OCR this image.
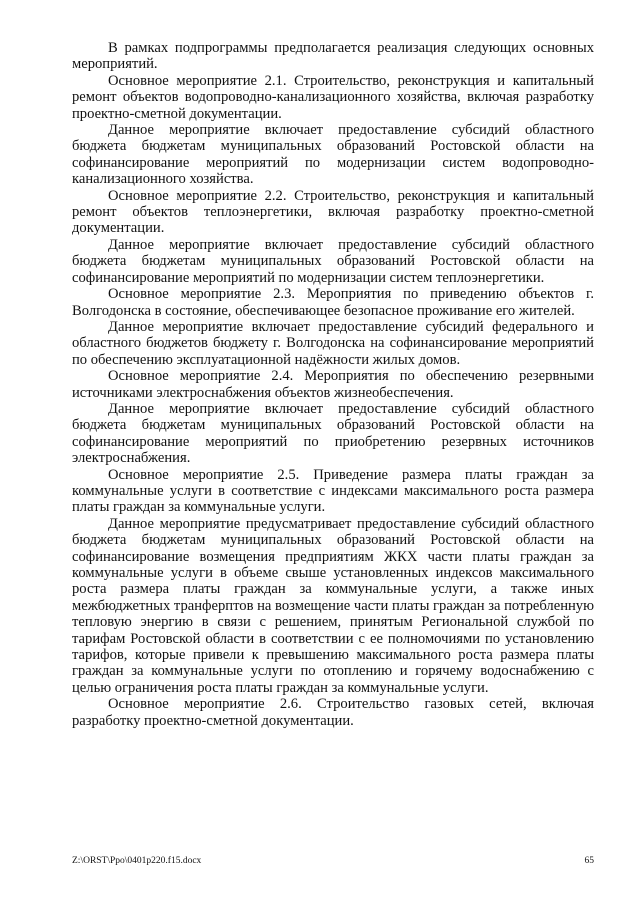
В рамках подпрограммы предполагается реализация следующих основных мероприятий.

Основное мероприятие 2.1. Строительство, реконструкция и капитальный ремонт объектов водопроводно-канализационного хозяйства, включая разработку проектно-сметной документации.

Данное мероприятие включает предоставление субсидий областного бюджета бюджетам муниципальных образований Ростовской области на софинансирование мероприятий по модернизации систем водопроводно-канализационного хозяйства.

Основное мероприятие 2.2. Строительство, реконструкция и капитальный ремонт объектов теплоэнергетики, включая разработку проектно-сметной документации.

Данное мероприятие включает предоставление субсидий областного бюджета бюджетам муниципальных образований Ростовской области на софинансирование мероприятий по модернизации систем теплоэнергетики.

Основное мероприятие 2.3. Мероприятия по приведению объектов г. Волгодонска в состояние, обеспечивающее безопасное проживание его жителей.

Данное мероприятие включает предоставление субсидий федерального и областного бюджетов бюджету г. Волгодонска на софинансирование мероприятий по обеспечению эксплуатационной надёжности жилых домов.

Основное мероприятие 2.4. Мероприятия по обеспечению резервными источниками электроснабжения объектов жизнеобеспечения.

Данное мероприятие включает предоставление субсидий областного бюджета бюджетам муниципальных образований Ростовской области на софинансирование мероприятий по приобретению резервных источников электроснабжения.

Основное мероприятие 2.5. Приведение размера платы граждан за коммунальные услуги в соответствие с индексами максимального роста размера платы граждан за коммунальные услуги.

Данное мероприятие предусматривает предоставление субсидий областного бюджета бюджетам муниципальных образований Ростовской области на софинансирование возмещения предприятиям ЖКХ части платы граждан за коммунальные услуги в объеме свыше установленных индексов максимального роста размера платы граждан за коммунальные услуги, а также иных межбюджетных транферптов на возмещение части платы граждан за потребленную тепловую энергию в связи с решением, принятым Региональной службой по тарифам Ростовской области в соответствии с ее полномочиями по установлению тарифов, которые привели к превышению максимального роста размера платы граждан за коммунальные услуги по отоплению и горячему водоснабжению с целью ограничения роста платы граждан за коммунальные услуги.

Основное мероприятие 2.6. Строительство газовых сетей, включая разработку проектно-сметной документации.

Z:\ORST\Ppo\0401p220.f15.docx	65
